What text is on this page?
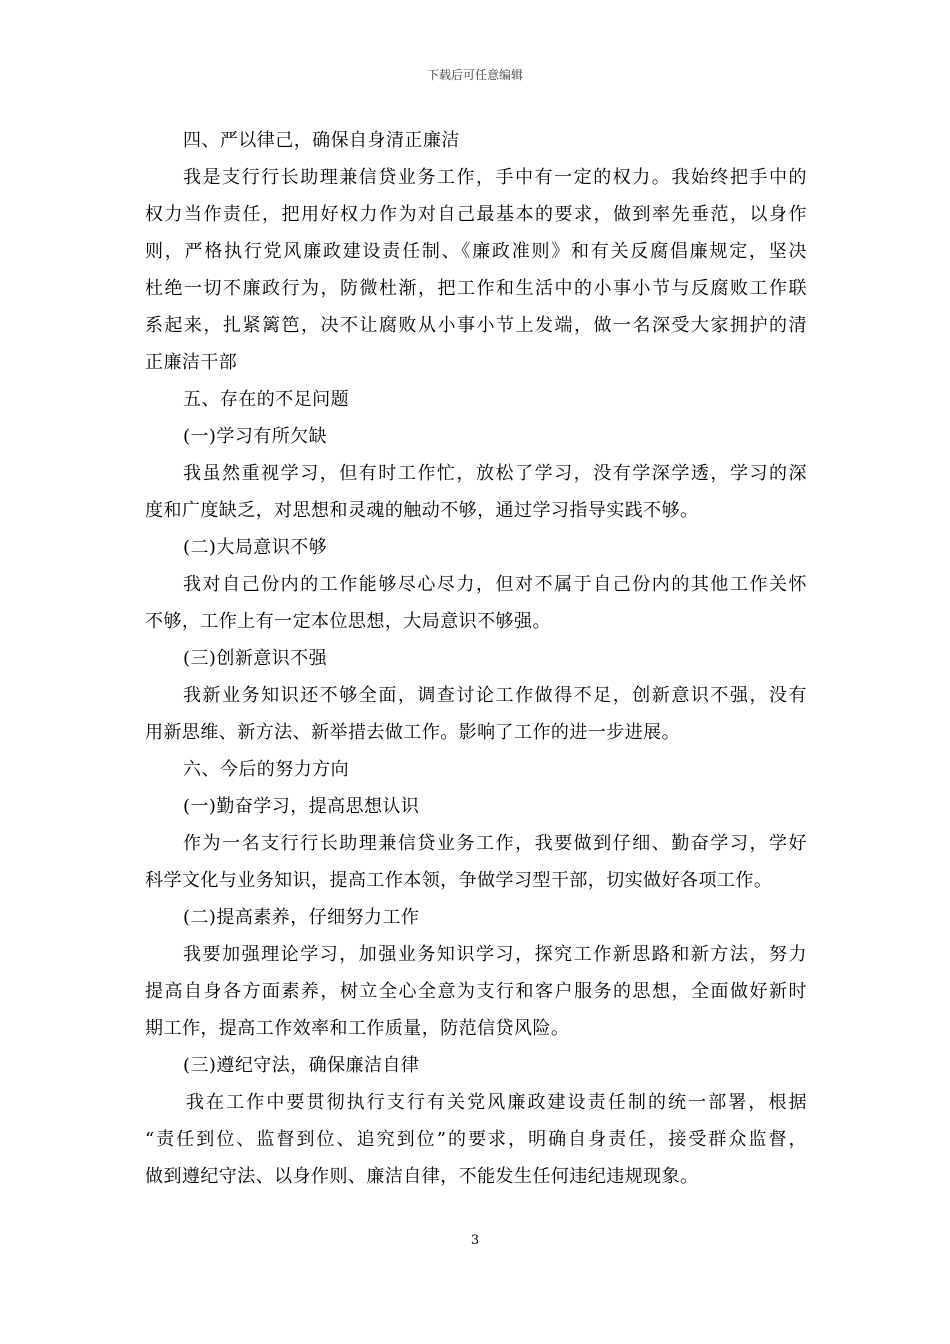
下载后可任意编辑
四、严以律己，确保自身清正廉洁
我是支行行长助理兼信贷业务工作，手中有一定的权力。我始终把手中的
权力当作责任，把用好权力作为对自己最基本的要求，做到率先垂范，以身作
则，严格执行党风廉政建设责任制、《廉政准则》和有关反腐倡廉规定，坚决
杜绝一切不廉政行为，防微杜渐，把工作和生活中的小事小节与反腐败工作联
系起来，扎紧篱笆，决不让腐败从小事小节上发端，做一名深受大家拥护的清
正廉洁干部
五、存在的不足问题
(一)学习有所欠缺
我虽然重视学习，但有时工作忙，放松了学习，没有学深学透，学习的深
度和广度缺乏，对思想和灵魂的触动不够，通过学习指导实践不够。
(二)大局意识不够
我对自己份内的工作能够尽心尽力，但对不属于自己份内的其他工作关怀
不够，工作上有一定本位思想，大局意识不够强。
(三)创新意识不强
我新业务知识还不够全面，调查讨论工作做得不足，创新意识不强，没有
用新思维、新方法、新举措去做工作。影响了工作的进一步进展。
六、今后的努力方向
(一)勤奋学习，提高思想认识
作为一名支行行长助理兼信贷业务工作，我要做到仔细、勤奋学习，学好
科学文化与业务知识，提高工作本领，争做学习型干部，切实做好各项工作。
(二)提高素养，仔细努力工作
我要加强理论学习，加强业务知识学习，探究工作新思路和新方法，努力
提高自身各方面素养，树立全心全意为支行和客户服务的思想，全面做好新时
期工作，提高工作效率和工作质量，防范信贷风险。
(三)遵纪守法，确保廉洁自律
我在工作中要贯彻执行支行有关党风廉政建设责任制的统一部署，根据
“责任到位、监督到位、追究到位”的要求，明确自身责任，接受群众监督，
做到遵纪守法、以身作则、廉洁自律，不能发生任何违纪违规现象。
3
